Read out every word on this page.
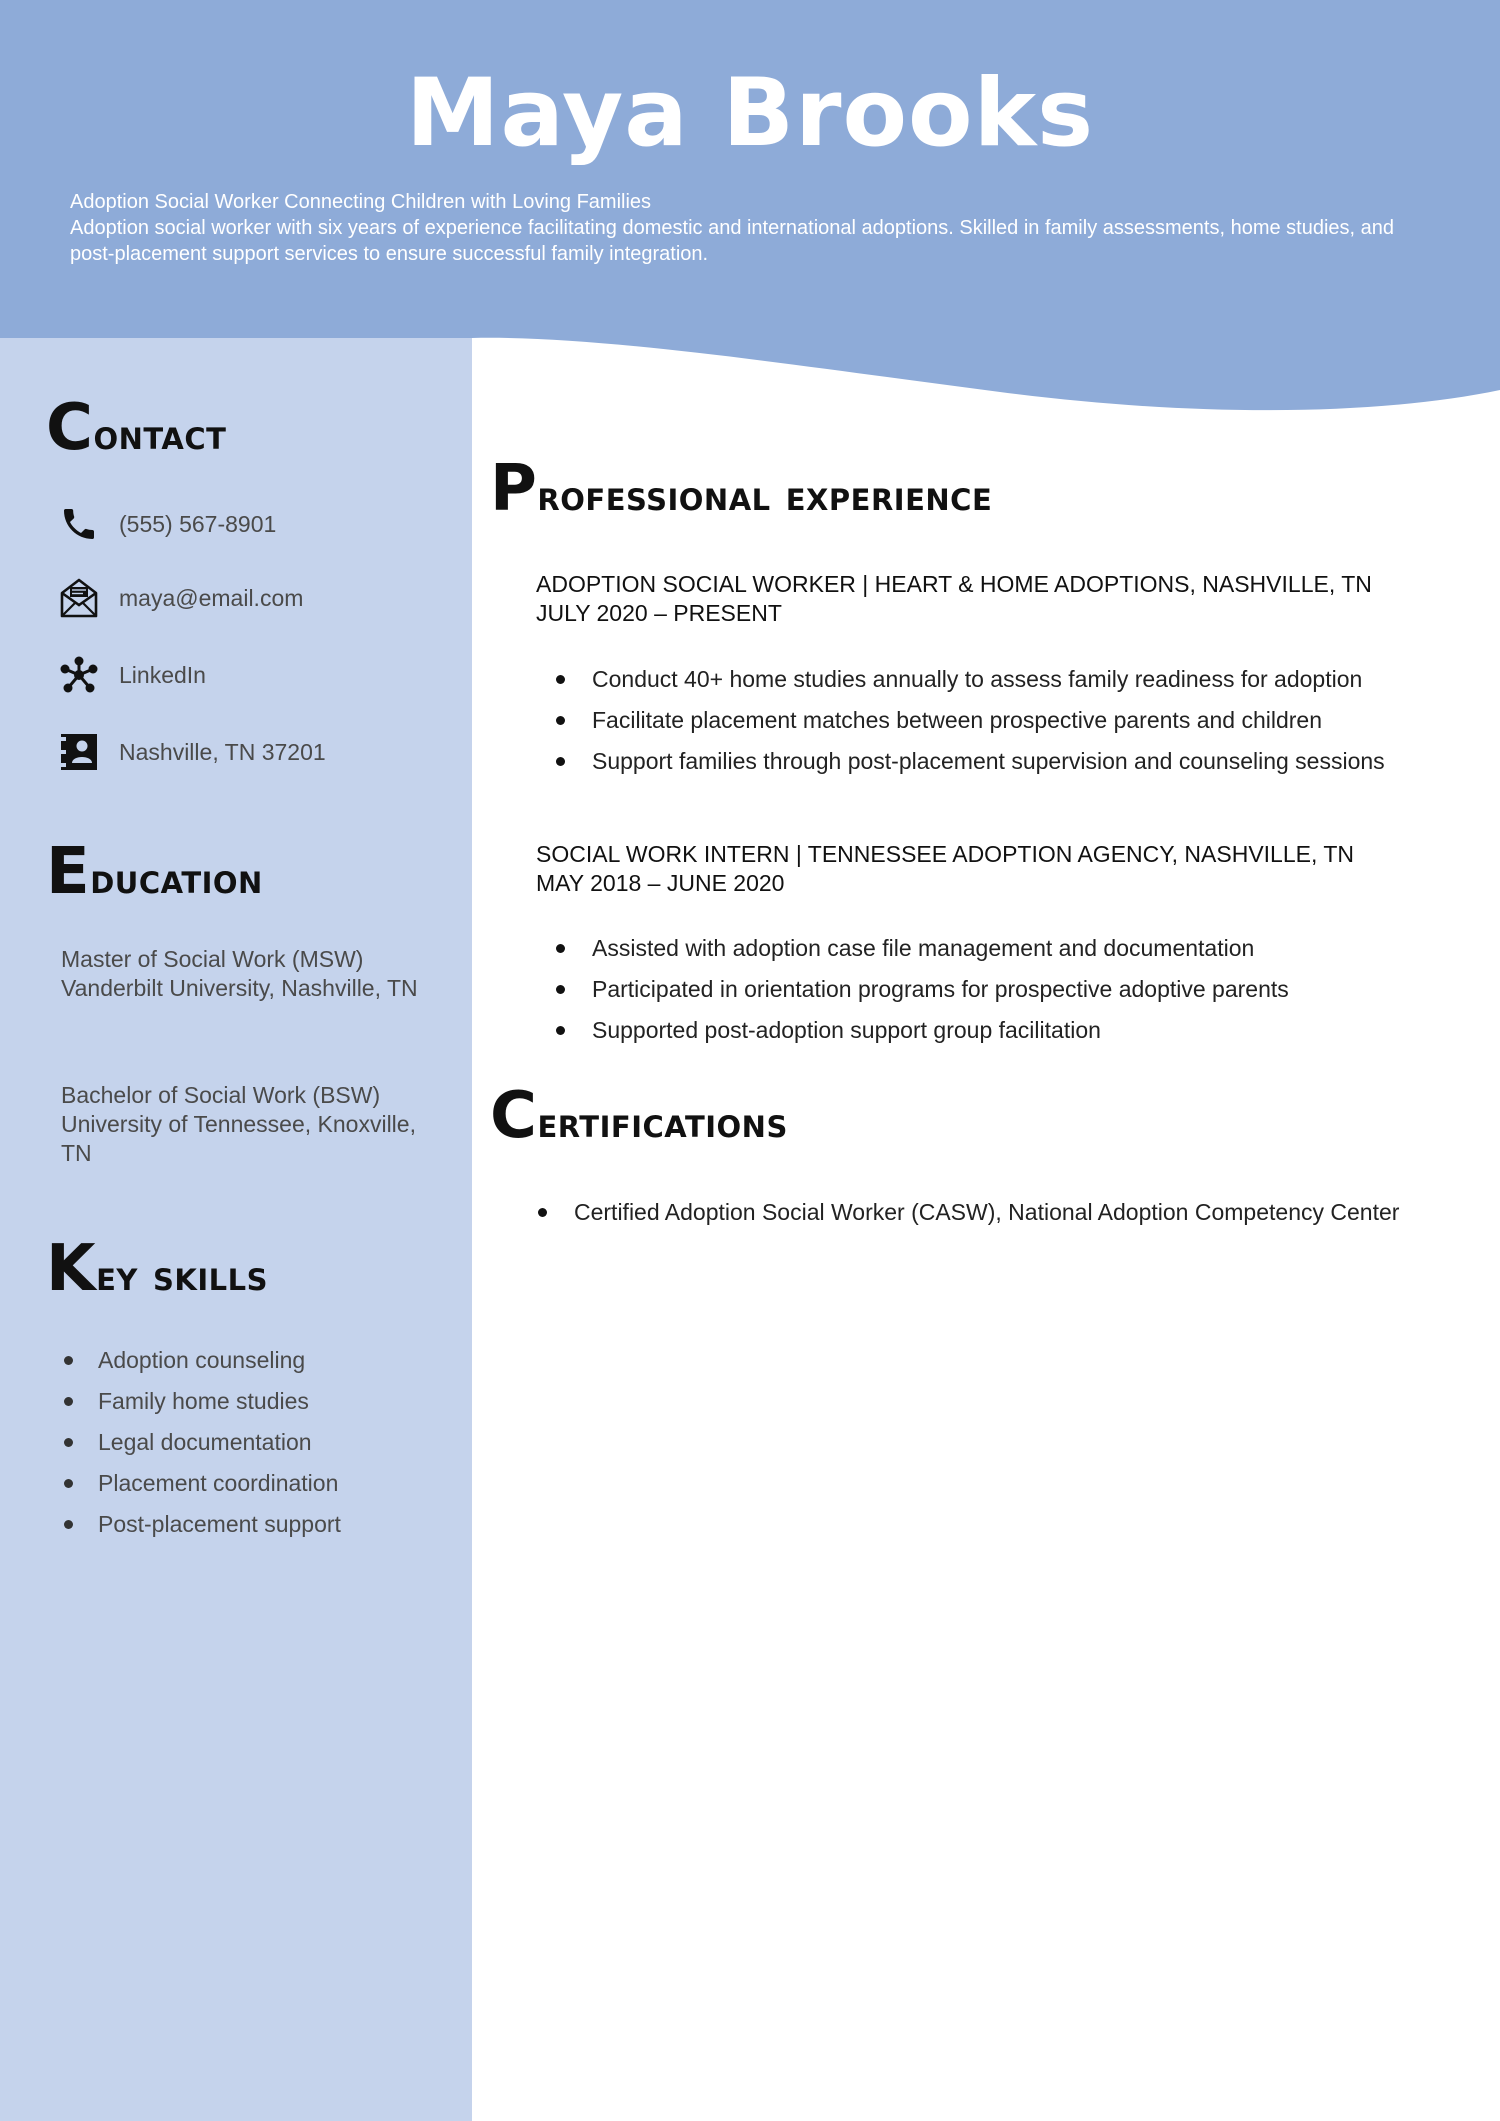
Maya Brooks
Adoption Social Worker Connecting Children with Loving Families
Adoption social worker with six years of experience facilitating domestic and international adoptions. Skilled in family assessments, home studies, and post-placement support services to ensure successful family integration.
Contact
(555) 567-8901
maya@email.com
LinkedIn
Nashville, TN 37201
Education
Master of Social Work (MSW)
Vanderbilt University, Nashville, TN
Bachelor of Social Work (BSW)
University of Tennessee, Knoxville, TN
Key skills
Adoption counseling
Family home studies
Legal documentation
Placement coordination
Post-placement support
Professional experience
ADOPTION SOCIAL WORKER | HEART & HOME ADOPTIONS, NASHVILLE, TN
JULY 2020 – PRESENT
Conduct 40+ home studies annually to assess family readiness for adoption
Facilitate placement matches between prospective parents and children
Support families through post-placement supervision and counseling sessions
SOCIAL WORK INTERN | TENNESSEE ADOPTION AGENCY, NASHVILLE, TN
MAY 2018 – JUNE 2020
Assisted with adoption case file management and documentation
Participated in orientation programs for prospective adoptive parents
Supported post-adoption support group facilitation
Certifications
Certified Adoption Social Worker (CASW), National Adoption Competency Center
